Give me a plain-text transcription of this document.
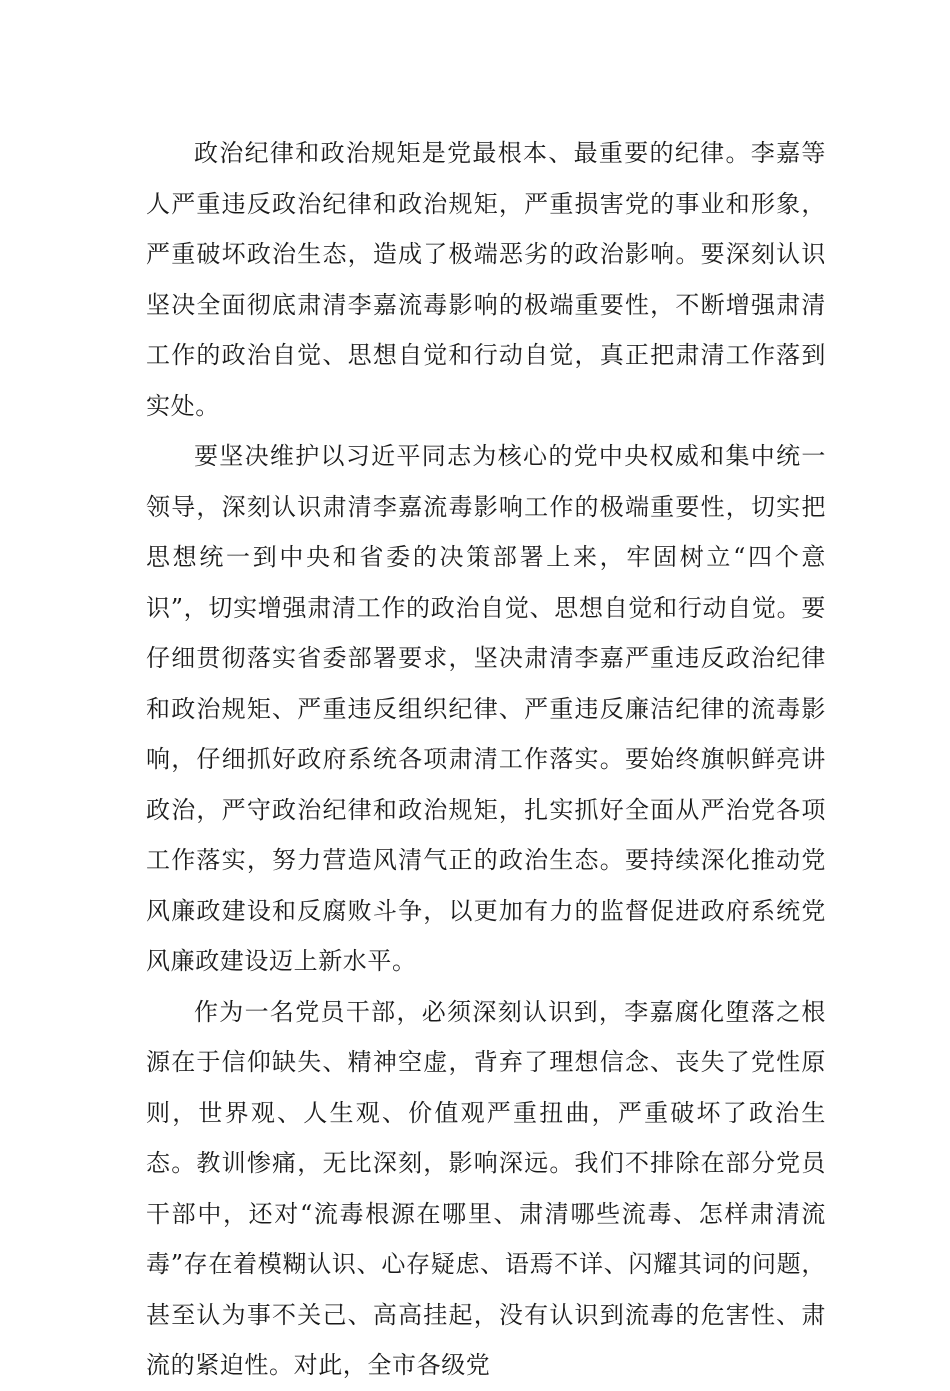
政治纪律和政治规矩是党最根本、最重要的纪律。李嘉等人严重违反政治纪律和政治规矩，严重损害党的事业和形象，严重破坏政治生态，造成了极端恶劣的政治影响。要深刻认识坚决全面彻底肃清李嘉流毒影响的极端重要性，不断增强肃清工作的政治自觉、思想自觉和行动自觉，真正把肃清工作落到实处。

要坚决维护以习近平同志为核心的党中央权威和集中统一领导，深刻认识肃清李嘉流毒影响工作的极端重要性，切实把思想统一到中央和省委的决策部署上来，牢固树立“四个意识”，切实增强肃清工作的政治自觉、思想自觉和行动自觉。要仔细贯彻落实省委部署要求，坚决肃清李嘉严重违反政治纪律和政治规矩、严重违反组织纪律、严重违反廉洁纪律的流毒影响，仔细抓好政府系统各项肃清工作落实。要始终旗帜鲜亮讲政治，严守政治纪律和政治规矩，扎实抓好全面从严治党各项工作落实，努力营造风清气正的政治生态。要持续深化推动党风廉政建设和反腐败斗争，以更加有力的监督促进政府系统党风廉政建设迈上新水平。

作为一名党员干部，必须深刻认识到，李嘉腐化堕落之根源在于信仰缺失、精神空虚，背弃了理想信念、丧失了党性原则，世界观、人生观、价值观严重扭曲，严重破坏了政治生态。教训惨痛，无比深刻，影响深远。我们不排除在部分党员干部中，还对“流毒根源在哪里、肃清哪些流毒、怎样肃清流毒”存在着模糊认识、心存疑虑、语焉不详、闪耀其词的问题，甚至认为事不关己、高高挂起，没有认识到流毒的危害性、肃流的紧迫性。对此，全市各级党
